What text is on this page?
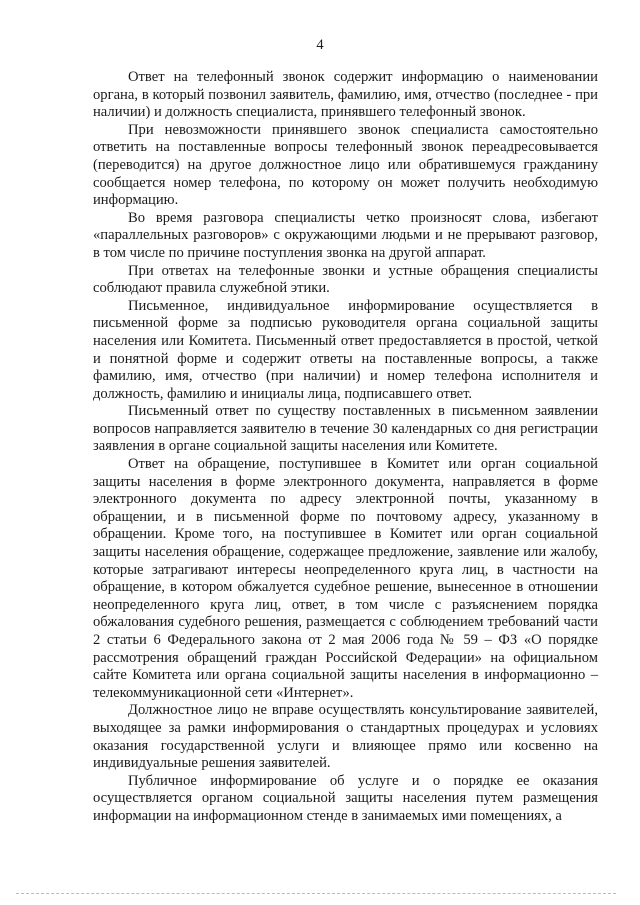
4

Ответ на телефонный звонок содержит информацию о наименовании органа, в который позвонил заявитель, фамилию, имя, отчество (последнее - при наличии) и должность специалиста, принявшего телефонный звонок.

При невозможности принявшего звонок специалиста самостоятельно ответить на поставленные вопросы телефонный звонок переадресовывается (переводится) на другое должностное лицо или обратившемуся гражданину сообщается номер телефона, по которому он может получить необходимую информацию.

Во время разговора специалисты четко произносят слова, избегают «параллельных разговоров» с окружающими людьми и не прерывают разговор, в том числе по причине поступления звонка на другой аппарат.

При ответах на телефонные звонки и устные обращения специалисты соблюдают правила служебной этики.

Письменное, индивидуальное информирование осуществляется в письменной форме за подписью руководителя органа социальной защиты населения или Комитета. Письменный ответ предоставляется в простой, четкой и понятной форме и содержит ответы на поставленные вопросы, а также фамилию, имя, отчество (при наличии) и номер телефона исполнителя и должность, фамилию и инициалы лица, подписавшего ответ.

Письменный ответ по существу поставленных в письменном заявлении вопросов направляется заявителю в течение 30 календарных со дня регистрации заявления в органе социальной защиты населения или Комитете.

Ответ на обращение, поступившее в Комитет или орган социальной защиты населения в форме электронного документа, направляется в форме электронного документа по адресу электронной почты, указанному в обращении, и в письменной форме по почтовому адресу, указанному в обращении. Кроме того, на поступившее в Комитет или орган социальной защиты населения обращение, содержащее предложение, заявление или жалобу, которые затрагивают интересы неопределенного круга лиц, в частности на обращение, в котором обжалуется судебное решение, вынесенное в отношении неопределенного круга лиц, ответ, в том числе с разъяснением порядка обжалования судебного решения, размещается с соблюдением требований части 2 статьи 6 Федерального закона от 2 мая 2006 года № 59 – ФЗ «О порядке рассмотрения обращений граждан Российской Федерации» на официальном сайте Комитета или органа социальной защиты населения в информационно – телекоммуникационной сети «Интернет».

Должностное лицо не вправе осуществлять консультирование заявителей, выходящее за рамки информирования о стандартных процедурах и условиях оказания государственной услуги и влияющее прямо или косвенно на индивидуальные решения заявителей.

Публичное информирование об услуге и о порядке ее оказания осуществляется органом социальной защиты населения путем размещения информации на информационном стенде в занимаемых ими помещениях, а
